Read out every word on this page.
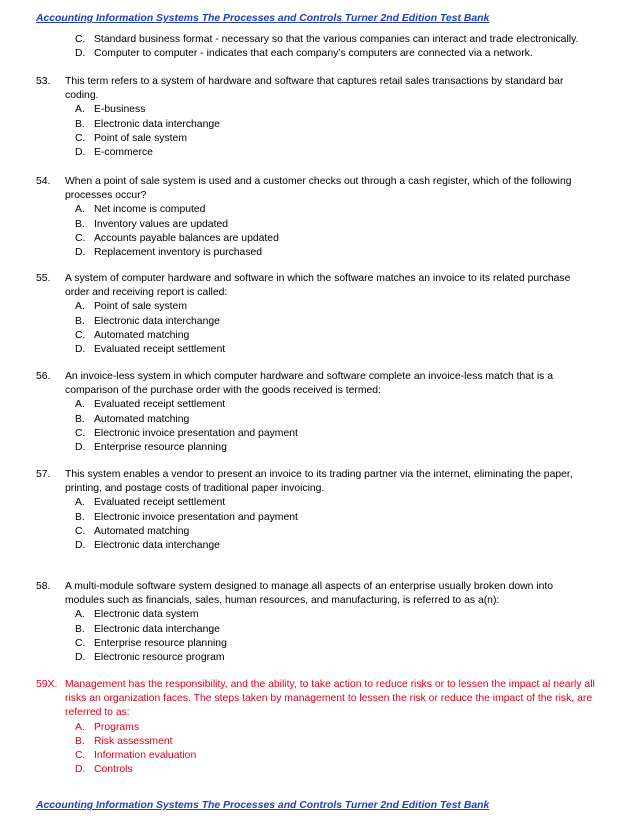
Accounting Information Systems The Processes and Controls Turner 2nd Edition Test Bank
C. Standard business format - necessary so that the various companies can interact and trade electronically.
D. Computer to computer - indicates that each company’s computers are connected via a network.
53.	This term refers to a system of hardware and software that captures retail sales transactions by standard bar coding.
A. E-business
B. Electronic data interchange
C. Point of sale system
D. E-commerce
54.	When a point of sale system is used and a customer checks out through a cash register, which of the following processes occur?
A. Net income is computed
B. Inventory values are updated
C. Accounts payable balances are updated
D. Replacement inventory is purchased
55.	A system of computer hardware and software in which the software matches an invoice to its related purchase order and receiving report is called:
A. Point of sale system
B. Electronic data interchange
C. Automated matching
D. Evaluated receipt settlement
56.	An invoice-less system in which computer hardware and software complete an invoice-less match that is a comparison of the purchase order with the goods received is termed:
A. Evaluated receipt settlement
B. Automated matching
C. Electronic invoice presentation and payment
D. Enterprise resource planning
57.	This system enables a vendor to present an invoice to its trading partner via the internet, eliminating the paper, printing, and postage costs of traditional paper invoicing.
A. Evaluated receipt settlement
B. Electronic invoice presentation and payment
C. Automated matching
D. Electronic data interchange
58.	A multi-module software system designed to manage all aspects of an enterprise usually broken down into modules such as financials, sales, human resources, and manufacturing, is referred to as a(n):
A. Electronic data system
B. Electronic data interchange
C. Enterprise resource planning
D. Electronic resource program
59X. Management has the responsibility, and the ability, to take action to reduce risks or to lessen the impact al nearly all risks an organization faces. The steps taken by management to lessen the risk or reduce the impact of the risk, are referred to as:
A. Programs
B. Risk assessment
C. Information evaluation
D. Controls
Accounting Information Systems The Processes and Controls Turner 2nd Edition Test Bank
